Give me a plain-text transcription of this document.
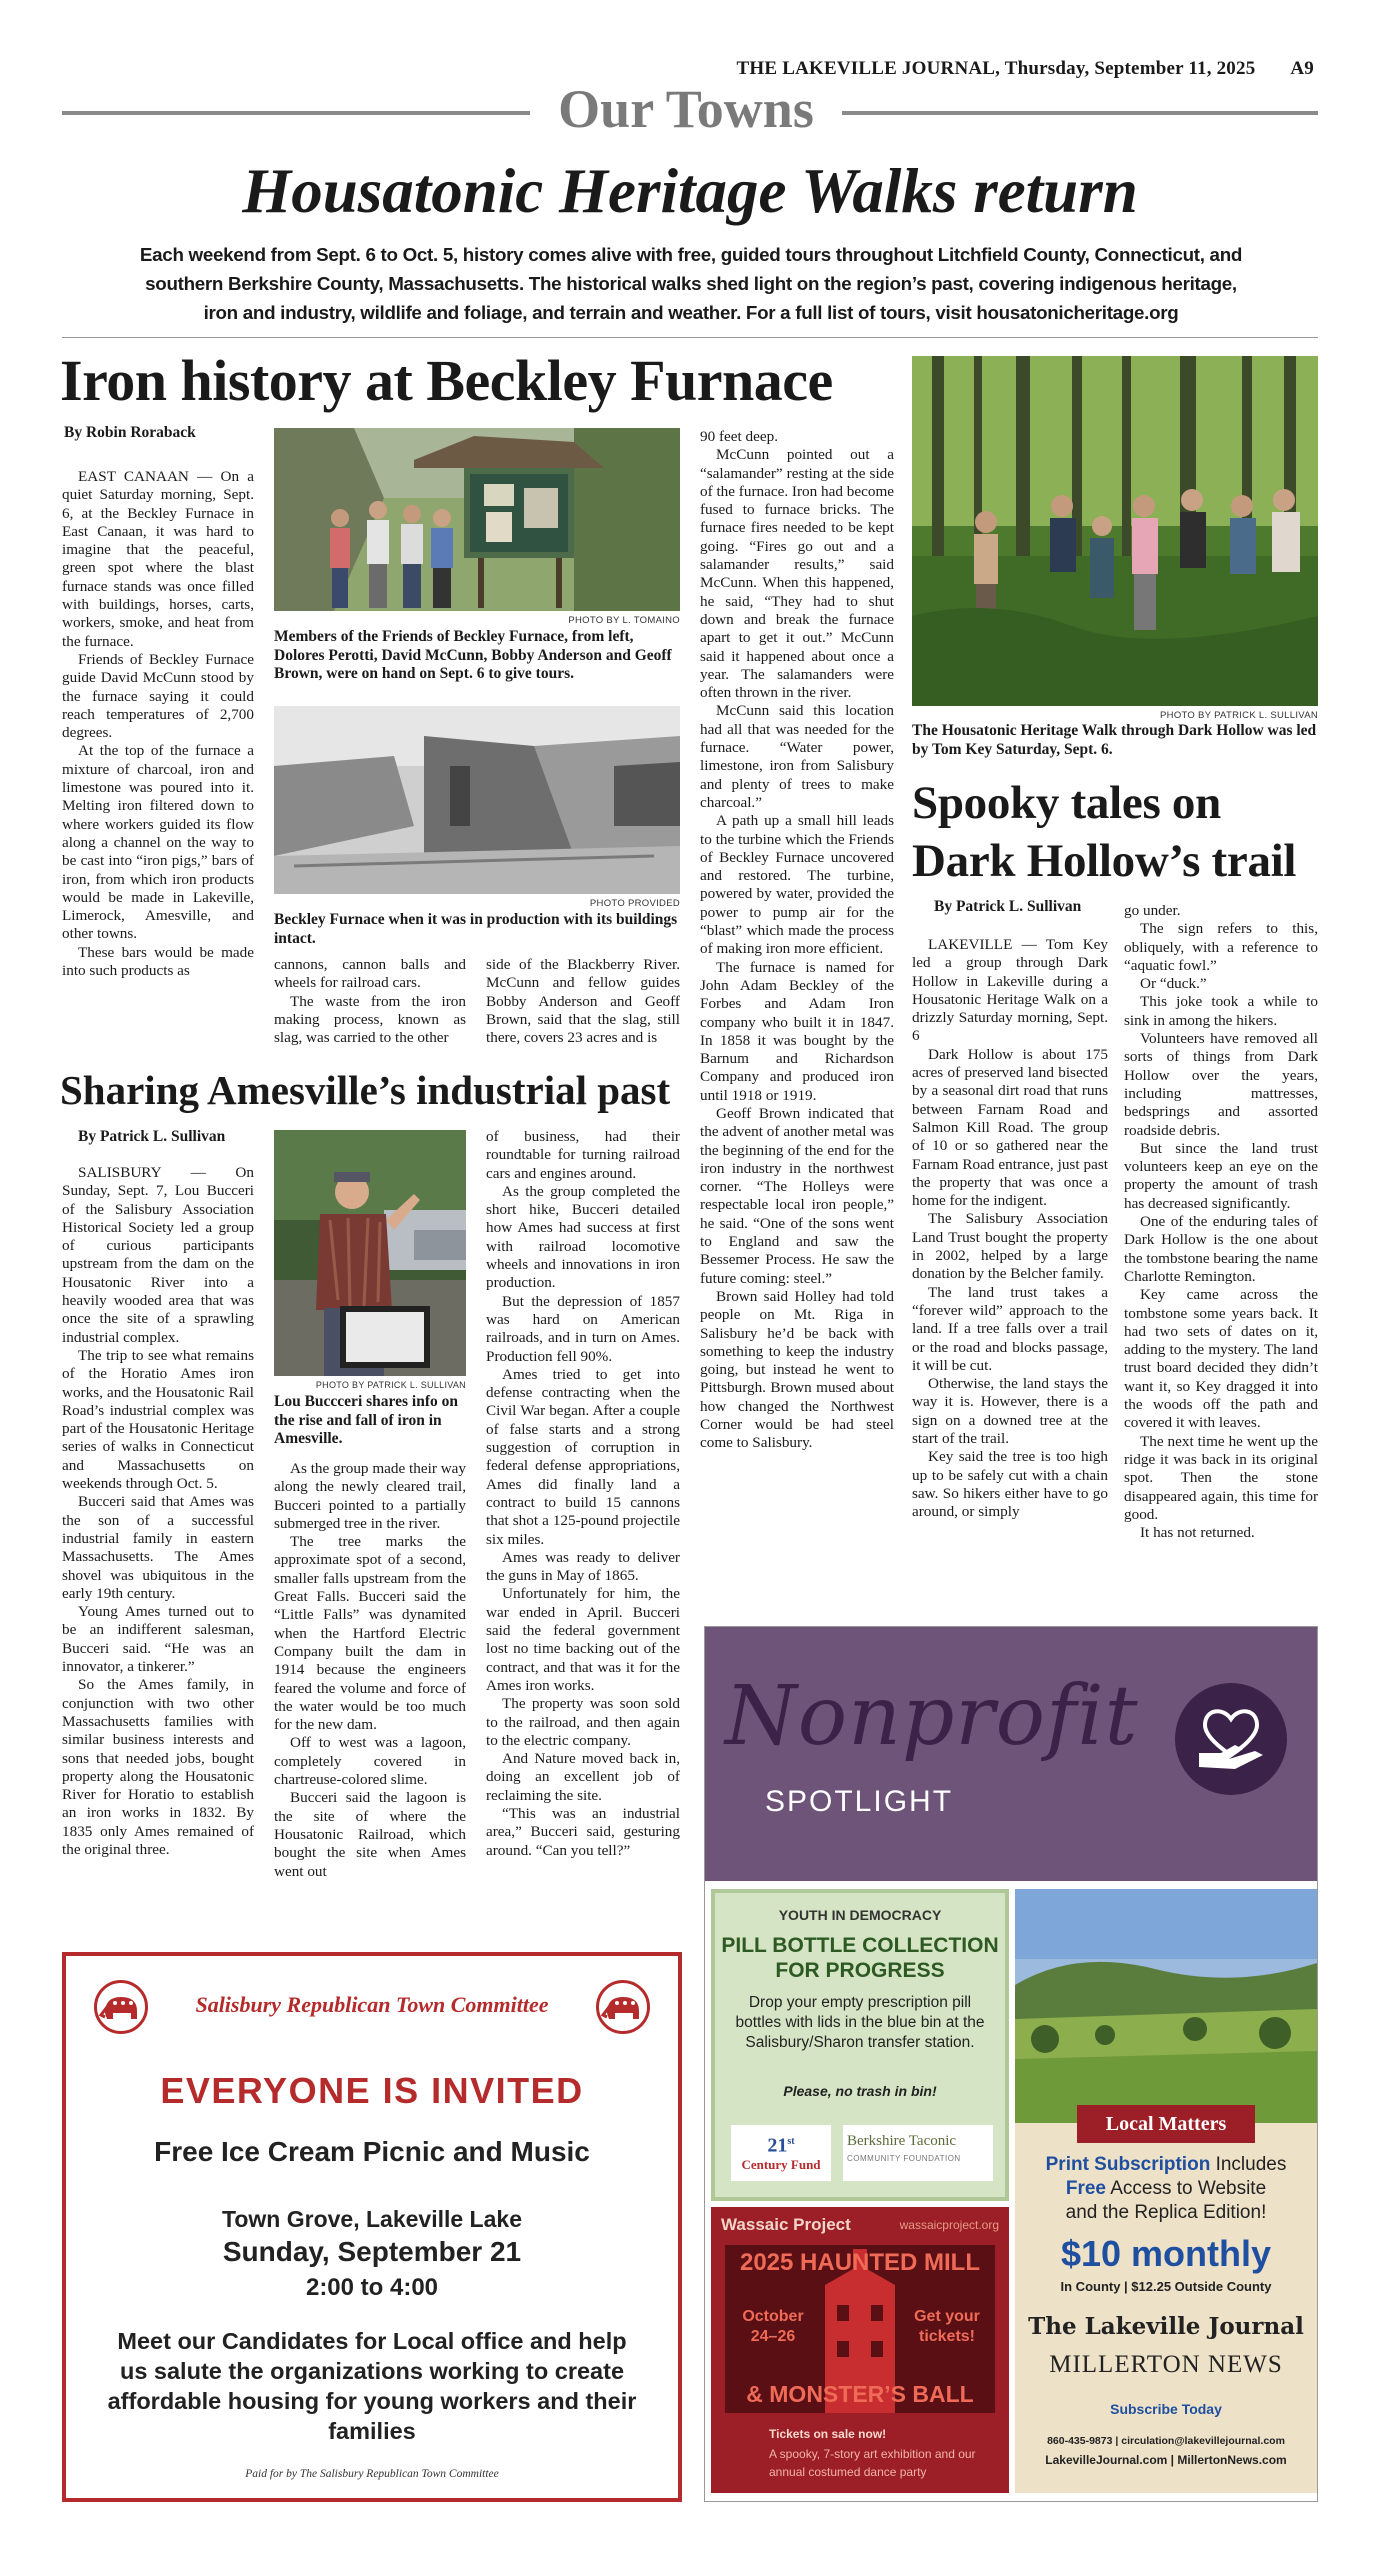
THE LAKEVILLE JOURNAL, Thursday, September 11, 2025 A9
Our Towns
Housatonic Heritage Walks return
Each weekend from Sept. 6 to Oct. 5, history comes alive with free, guided tours throughout Litchfield County, Connecticut, and southern Berkshire County, Massachusetts. The historical walks shed light on the region’s past, covering indigenous heritage, iron and industry, wildlife and foliage, and terrain and weather. For a full list of tours, visit housatonicheritage.org
Iron history at Beckley Furnace
By Robin Roraback
PHOTO BY L. TOMAINO
Members of the Friends of Beckley Furnace, from left, Dolores Perotti, David McCunn, Bobby Anderson and Geoff Brown, were on hand on Sept. 6 to give tours.
PHOTO PROVIDED
Beckley Furnace when it was in production with its buildings intact.

EAST CANAAN — On a quiet Saturday morning, Sept. 6, at the Beckley Furnace in East Canaan, it was hard to imagine that the peaceful, green spot where the blast furnace stands was once filled with buildings, horses, carts, workers, smoke, and heat from the furnace.

Friends of Beckley Furnace guide David McCunn stood by the furnace saying it could reach temperatures of 2,700 degrees.

At the top of the furnace a mixture of charcoal, iron and limestone was poured into it. Melting iron filtered down to where workers guided its flow along a channel on the way to be cast into “iron pigs,” bars of iron, from which iron products would be made in Lakeville, Limerock, Amesville, and other towns.

These bars would be made into such products as	cannons, cannon balls and wheels for railroad cars.

The waste from the iron making process, known as slag, was carried to the other

side of the Blackberry River. McCunn and fellow guides Bobby Anderson and Geoff Brown, said that the slag, still there, covers 23 acres and is

90 feet deep.

McCunn pointed out a “salamander” resting at the side of the furnace. Iron had become fused to furnace bricks. The furnace fires needed to be kept going. “Fires go out and a salamander results,” said McCunn. When this happened, he said, “They had to shut down and break the furnace apart to get it out.” McCunn said it happened about once a year. The salamanders were often thrown in the river.

McCunn said this location had all that was needed for the furnace. “Water power, limestone, iron from Salisbury and plenty of trees to make charcoal.”

A path up a small hill leads to the turbine which the Friends of Beckley Furnace uncovered and restored. The turbine, powered by water, provided the power to pump air for the “blast” which made the process of making iron more efficient.

The furnace is named for John Adam Beckley of the Forbes and Adam Iron company who built it in 1847. In 1858 it was bought by the Barnum and Richardson Company and produced iron until 1918 or 1919.

Geoff Brown indicated that the advent of another metal was the beginning of the end for the iron industry in the northwest corner. “The Holleys were respectable local iron people,” he said. “One of the sons went to England and saw the Bessemer Process. He saw the future coming: steel.”

Brown said Holley had told people on Mt. Riga in Salisbury he’d be back with something to keep the industry going, but instead he went to Pittsburgh. Brown mused about how changed the Northwest Corner would be had steel come to Salisbury.

Sharing Amesville’s industrial past
By Patrick L. Sullivan
PHOTO BY PATRICK L. SULLIVAN
Lou Buccceri shares info on the rise and fall of iron in Amesville.

SALISBURY — On Sunday, Sept. 7, Lou Bucceri of the Salisbury Association Historical Society led a group of curious participants upstream from the dam on the Housatonic River into a heavily wooded area that was once the site of a sprawling industrial complex.

The trip to see what remains of the Horatio Ames iron works, and the Housatonic Rail Road’s industrial complex was part of the Housatonic Heritage series of walks in Connecticut and Massachusetts on weekends through Oct. 5.

Bucceri said that Ames was the son of a successful industrial family in eastern Massachusetts. The Ames shovel was ubiquitous in the early 19th century.

Young Ames turned out to be an indifferent salesman, Bucceri said. “He was an innovator, a tinkerer.”

So the Ames family, in conjunction with two other Massachusetts families with similar business interests and sons that needed jobs, bought property along the Housatonic River for Horatio to establish an iron works in 1832. By 1835 only Ames remained of the original three.

As the group made their way along the newly cleared trail, Bucceri pointed to a partially submerged tree in the river.

The tree marks the approximate spot of a second, smaller falls upstream from the Great Falls. Bucceri said the “Little Falls” was dynamited when the Hartford Electric Company built the dam in 1914 because the engineers feared the volume and force of the water would be too much for the new dam.

Off to west was a lagoon, completely covered in chartreuse-colored slime.

Bucceri said the lagoon is the site of where the Housatonic Railroad, which bought the site when Ames went out

of business, had their roundtable for turning railroad cars and engines around.

As the group completed the short hike, Bucceri detailed how Ames had success at first with railroad locomotive wheels and innovations in iron production.

But the depression of 1857 was hard on American railroads, and in turn on Ames. Production fell 90%.

Ames tried to get into defense contracting when the Civil War began. After a couple of false starts and a strong suggestion of corruption in federal defense appropriations, Ames did finally land a contract to build 15 cannons that shot a 125-pound projectile six miles.

Ames was ready to deliver the guns in May of 1865.

Unfortunately for him, the war ended in April. Bucceri said the federal government lost no time backing out of the contract, and that was it for the Ames iron works.

The property was soon sold to the railroad, and then again to the electric company.

And Nature moved back in, doing an excellent job of reclaiming the site.

“This was an industrial area,” Bucceri said, gesturing around. “Can you tell?”

PHOTO BY PATRICK L. SULLIVAN
The Housatonic Heritage Walk through Dark Hollow was led by Tom Key Saturday, Sept. 6.
Spooky tales on
Dark Hollow’s trail
By Patrick L. Sullivan

LAKEVILLE — Tom Key led a group through Dark Hollow in Lakeville during a Housatonic Heritage Walk on a drizzly Saturday morning, Sept. 6

Dark Hollow is about 175 acres of preserved land bisected by a seasonal dirt road that runs between Farnam Road and Salmon Kill Road. The group of 10 or so gathered near the Farnam Road entrance, just past the property that was once a home for the indigent.

The Salisbury Association Land Trust bought the property in 2002, helped by a large donation by the Belcher family.

The land trust takes a “forever wild” approach to the land. If a tree falls over a trail or the road and blocks passage, it will be cut.

Otherwise, the land stays the way it is. However, there is a sign on a downed tree at the start of the trail.

Key said the tree is too high up to be safely cut with a chain saw. So hikers either have to go around, or simply

go under.

The sign refers to this, obliquely, with a reference to “aquatic fowl.”

Or “duck.”

This joke took a while to sink in among the hikers.

Volunteers have removed all sorts of things from Dark Hollow over the years, including mattresses, bedsprings and assorted roadside debris.

But since the land trust volunteers keep an eye on the property the amount of trash has decreased significantly.

One of the enduring tales of Dark Hollow is the one about the tombstone bearing the name Charlotte Remington.

Key came across the tombstone some years back. It had two sets of dates on it, adding to the mystery. The land trust board decided they didn’t want it, so Key dragged it into the woods off the path and covered it with leaves.

The next time he went up the ridge it was back in its original spot. Then the stone disappeared again, this time for good.

It has not returned.

Salisbury Republican Town Committee
EVERYONE IS INVITED
Free Ice Cream Picnic and Music
Town Grove, Lakeville Lake
Sunday, September 21
2:00 to 4:00
Meet our Candidates for Local office and help us salute the organizations working to create affordable housing for young workers and their families
Paid for by The Salisbury Republican Town Committee
Nonprofit
SPOTLIGHT
YOUTH IN DEMOCRACY
PILL BOTTLE COLLECTION
FOR PROGRESS
Drop your empty prescription pill bottles with lids in the blue bin at the Salisbury/Sharon transfer station.
Please, no trash in bin!
21st
Century Fund
Berkshire Taconic
COMMUNITY FOUNDATION
Wassaic Project	wassaicproject.org
2025 HAUNTED MILL
October
24–26
Get your
tickets!
& MONSTER’S BALL
Tickets on sale now!
A spooky, 7-story art exhibition and our annual costumed dance party
Local Matters
Print Subscription Includes
Free Access to Website
and the Replica Edition!
$10 monthly
In County | $12.25 Outside County
The Lakeville Journal
MILLERTON NEWS
Subscribe Today
860-435-9873 | circulation@lakevillejournal.com
LakevilleJournal.com | MillertonNews.com
